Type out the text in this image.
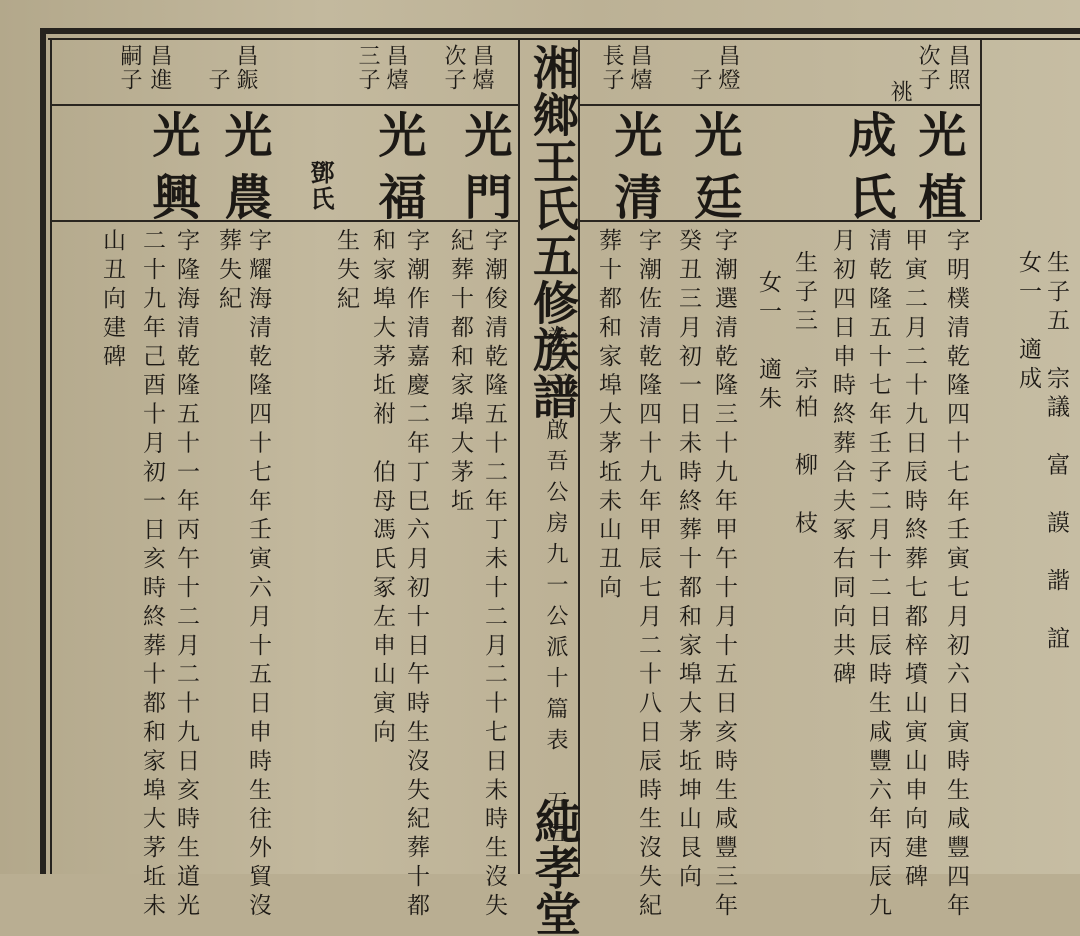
湘鄉王氏五修族譜
卷三　啟吾公房九一公派十篇表　五五
純孝堂
昌進
嗣子	昌鋠
子	昌熺
三子	昌熺
次子	昌熺
長子	昌燈
子	昌照
次子
祧
光興 光農 鄧氏 光福 光門 光清 光廷 成氏 光植
山丑向建碑 二十九年己酉十月初一日亥時終葬十都和家埠大茅坵未 字隆海清乾隆五十一年丙午十二月二十九日亥時生道光 葬失紀 字耀海清乾隆四十七年壬寅六月十五日申時生往外貿沒	生失紀 和家埠大茅坵祔　伯母馮氏冢左申山寅向 字潮作清嘉慶二年丁巳六月初十日午時生沒失紀葬十都 紀葬十都和家埠大茅坵 字潮俊清乾隆五十二年丁未十二月二十七日未時生沒失	葬十都和家埠大茅坵未山丑向 字潮佐清乾隆四十九年甲辰七月二十八日辰時生沒失紀 癸丑三月初一日未時終葬十都和家埠大茅坵坤山艮向 字潮選清乾隆三十九年甲午十月十五日亥時生咸豐三年 女一　適朱 生子三　宗柏　柳　枝 月初四日申時終葬合夫冢右同向共碑 清乾隆五十七年壬子二月十二日辰時生咸豐六年丙辰九 甲寅二月二十九日辰時終葬七都梓墳山寅山申向建碑 字明樸清乾隆四十七年壬寅七月初六日寅時生咸豐四年 女一　適成 生子五　宗議　富　謨　諧　誼
